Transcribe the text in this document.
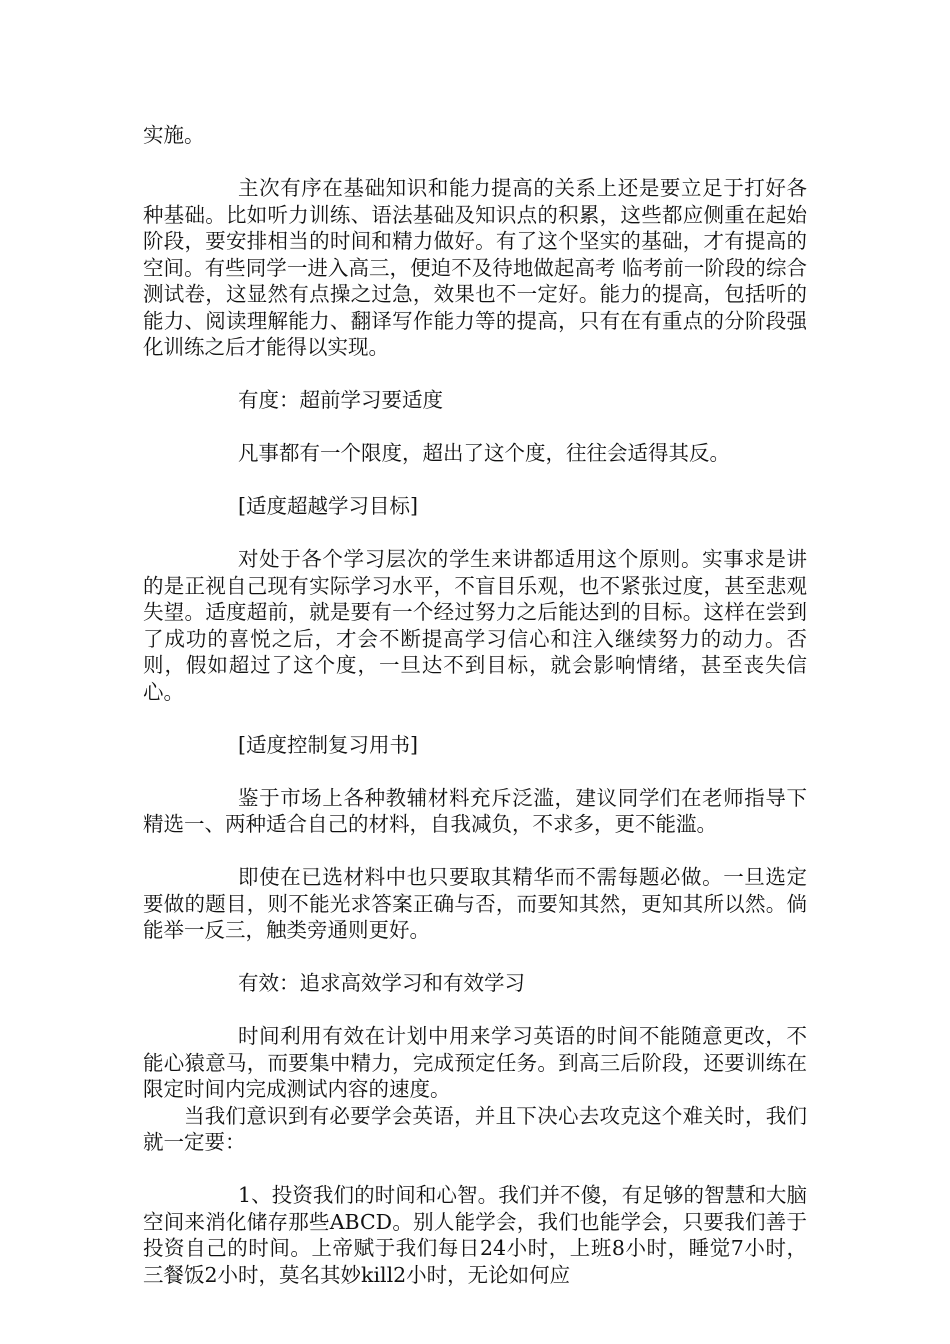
实施。

主次有序在基础知识和能力提高的关系上还是要立足于打好各种基础。比如听力训练、语法基础及知识点的积累，这些都应侧重在起始阶段，要安排相当的时间和精力做好。有了这个坚实的基础，才有提高的空间。有些同学一进入高三，便迫不及待地做起高考 临考前一阶段的综合测试卷，这显然有点操之过急，效果也不一定好。能力的提高，包括听的能力、阅读理解能力、翻译写作能力等的提高，只有在有重点的分阶段强化训练之后才能得以实现。

有度：超前学习要适度

凡事都有一个限度，超出了这个度，往往会适得其反。

[适度超越学习目标]

对处于各个学习层次的学生来讲都适用这个原则。实事求是讲的是正视自己现有实际学习水平，不盲目乐观，也不紧张过度，甚至悲观失望。适度超前，就是要有一个经过努力之后能达到的目标。这样在尝到了成功的喜悦之后，才会不断提高学习信心和注入继续努力的动力。否则，假如超过了这个度，一旦达不到目标，就会影响情绪，甚至丧失信心。

[适度控制复习用书]

鉴于市场上各种教辅材料充斥泛滥，建议同学们在老师指导下精选一、两种适合自己的材料，自我减负，不求多，更不能滥。

即使在已选材料中也只要取其精华而不需每题必做。一旦选定要做的题目，则不能光求答案正确与否，而要知其然，更知其所以然。倘能举一反三，触类旁通则更好。

有效：追求高效学习和有效学习

时间利用有效在计划中用来学习英语的时间不能随意更改，不能心猿意马，而要集中精力，完成预定任务。到高三后阶段，还要训练在限定时间内完成测试内容的速度。

当我们意识到有必要学会英语，并且下决心去攻克这个难关时，我们就一定要：

1、投资我们的时间和心智。我们并不傻，有足够的智慧和大脑空间来消化储存那些ABCD。别人能学会，我们也能学会，只要我们善于投资自己的时间。上帝赋于我们每日24小时，上班8小时，睡觉7小时，三餐饭2小时，莫名其妙kill2小时，无论如何应
